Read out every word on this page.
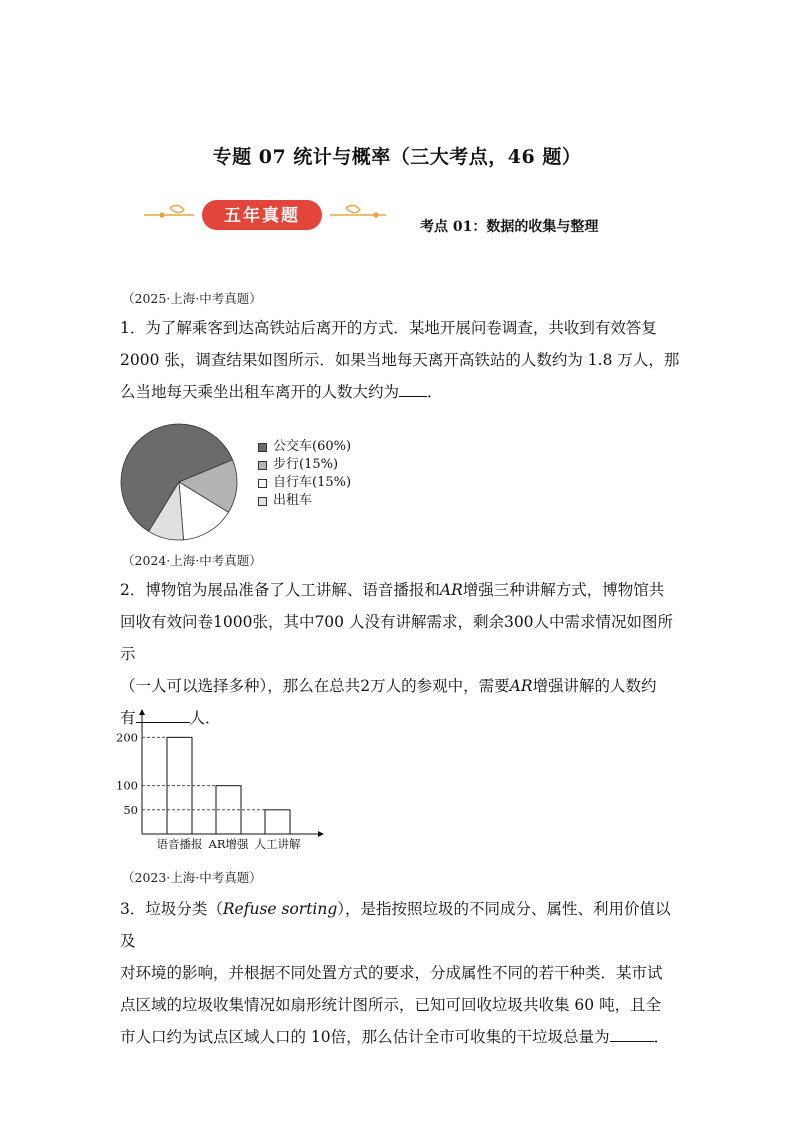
专题 07 统计与概率（三大考点，46 题）
五年真题
考点 01：数据的收集与整理
（2025·上海·中考真题）
1．为了解乘客到达高铁站后离开的方式．某地开展问卷调查，共收到有效答复
2000 张，调查结果如图所示．如果当地每天离开高铁站的人数约为 1.8 万人，那
么当地每天乘坐出租车离开的人数大约为 ．
公交车(60%)
步行(15%)
自行车(15%)
出租车
（2024·上海·中考真题）
2．博物馆为展品准备了人工讲解、语音播报和AR增强三种讲解方式，博物馆共
回收有效问卷1000张，其中700 人没有讲解需求，剩余300人中需求情况如图所示
（一人可以选择多种），那么在总共2万人的参观中，需要AR增强讲解的人数约
有	人．
语音播报 AR增强 人工讲解
50
100
200
（2023·上海·中考真题）
3．垃圾分类（Refuse sorting），是指按照垃圾的不同成分、属性、利用价值以及
对环境的影响，并根据不同处置方式的要求，分成属性不同的若干种类．某市试
点区域的垃圾收集情况如扇形统计图所示，已知可回收垃圾共收集 60 吨，且全
市人口约为试点区域人口的 10倍，那么估计全市可收集的干垃圾总量为	．
